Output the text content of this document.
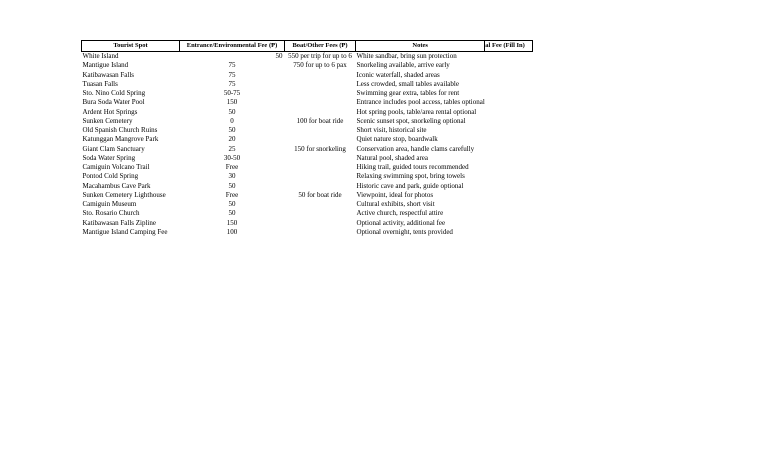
Tourist Spot	Entrance/Environmental Fee (₱)	Boat/Other Fees (₱)	Notes	al Fee (Fill In)
White Island	50	550 per trip for up to 6	White sandbar, bring sun protection	
Mantigue Island	75	750 for up to 6 pax	Snorkeling available, arrive early	
Katibawasan Falls	75		Iconic waterfall, shaded areas	
Tuasan Falls	75		Less crowded, small tables available	
Sto. Nino Cold Spring	50-75		Swimming gear extra, tables for rent	
Bura Soda Water Pool	150		Entrance includes pool access, tables optional	
Ardent Hot Springs	50		Hot spring pools, table/area rental optional	
Sunken Cemetery	0	100 for boat ride	Scenic sunset spot, snorkeling optional	
Old Spanish Church Ruins	50		Short visit, historical site	
Katunggan Mangrove Park	20		Quiet nature stop, boardwalk	
Giant Clam Sanctuary	25	150 for snorkeling	Conservation area, handle clams carefully	
Soda Water Spring	30-50		Natural pool, shaded area	
Camiguin Volcano Trail	Free		Hiking trail, guided tours recommended	
Pontod Cold Spring	30		Relaxing swimming spot, bring towels	
Macahambus Cave Park	50		Historic cave and park, guide optional	
Sunken Cemetery Lighthouse	Free	50 for boat ride	Viewpoint, ideal for photos	
Camiguin Museum	50		Cultural exhibits, short visit	
Sto. Rosario Church	50		Active church, respectful attire	
Katibawasan Falls Zipline	150		Optional activity, additional fee	
Mantigue Island Camping Fee	100		Optional overnight, tents provided	
